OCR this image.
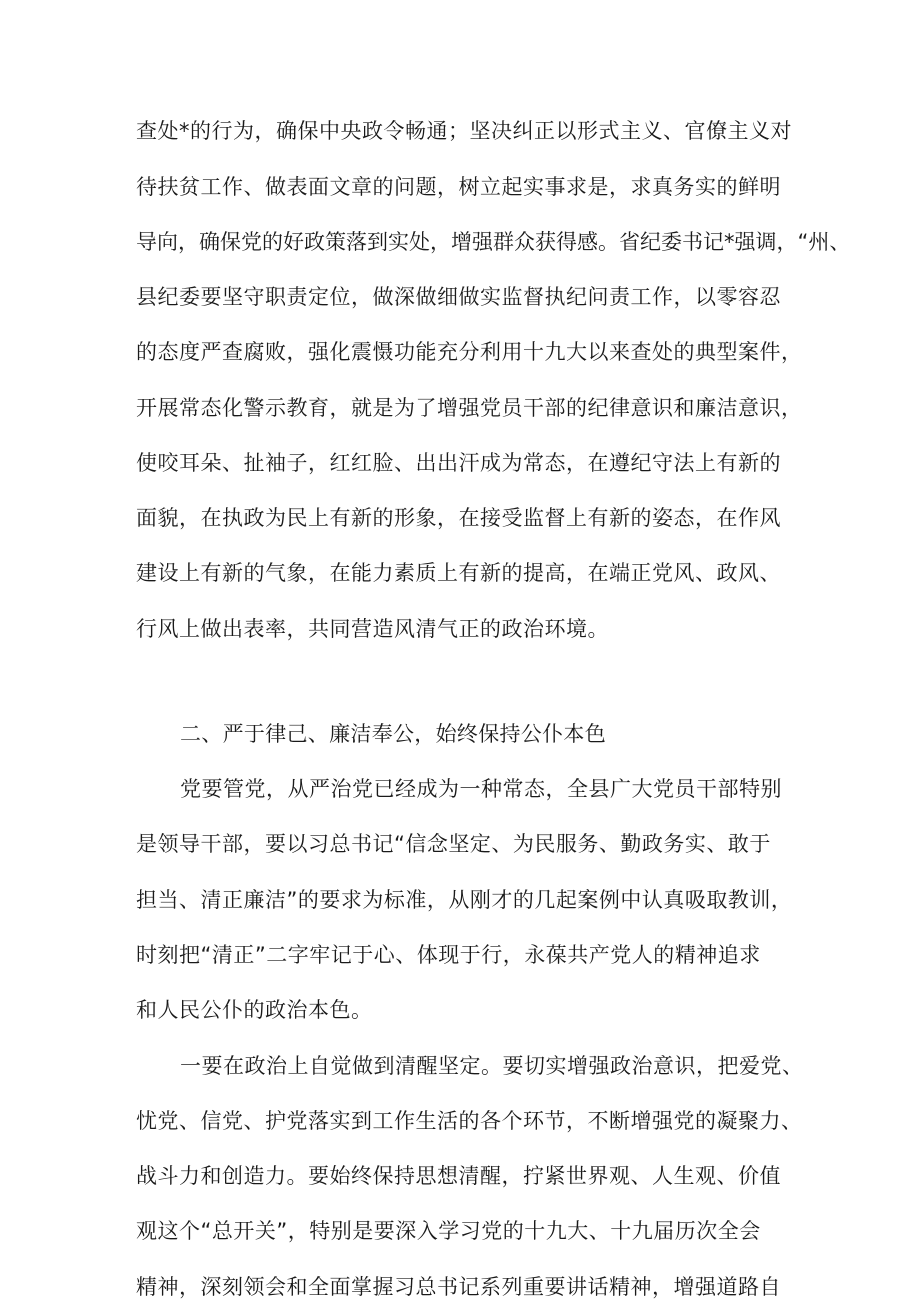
查处*的行为，确保中央政令畅通；坚决纠正以形式主义、官僚主义对
待扶贫工作、做表面文章的问题，树立起实事求是，求真务实的鲜明
导向，确保党的好政策落到实处，增强群众获得感。省纪委书记*强调，“州、
县纪委要坚守职责定位，做深做细做实监督执纪问责工作，以零容忍
的态度严查腐败，强化震慑功能充分利用十九大以来查处的典型案件，
开展常态化警示教育，就是为了增强党员干部的纪律意识和廉洁意识，
使咬耳朵、扯袖子，红红脸、出出汗成为常态，在遵纪守法上有新的
面貌，在执政为民上有新的形象，在接受监督上有新的姿态，在作风
建设上有新的气象，在能力素质上有新的提高，在端正党风、政风、
行风上做出表率，共同营造风清气正的政治环境。
二、严于律己、廉洁奉公，始终保持公仆本色
党要管党，从严治党已经成为一种常态，全县广大党员干部特别
是领导干部，要以习总书记“信念坚定、为民服务、勤政务实、敢于
担当、清正廉洁”的要求为标准，从刚才的几起案例中认真吸取教训，
时刻把“清正”二字牢记于心、体现于行，永葆共产党人的精神追求
和人民公仆的政治本色。
一要在政治上自觉做到清醒坚定。要切实增强政治意识，把爱党、
忧党、信党、护党落实到工作生活的各个环节，不断增强党的凝聚力、
战斗力和创造力。要始终保持思想清醒，拧紧世界观、人生观、价值
观这个“总开关”，特别是要深入学习党的十九大、十九届历次全会
精神，深刻领会和全面掌握习总书记系列重要讲话精神，增强道路自
